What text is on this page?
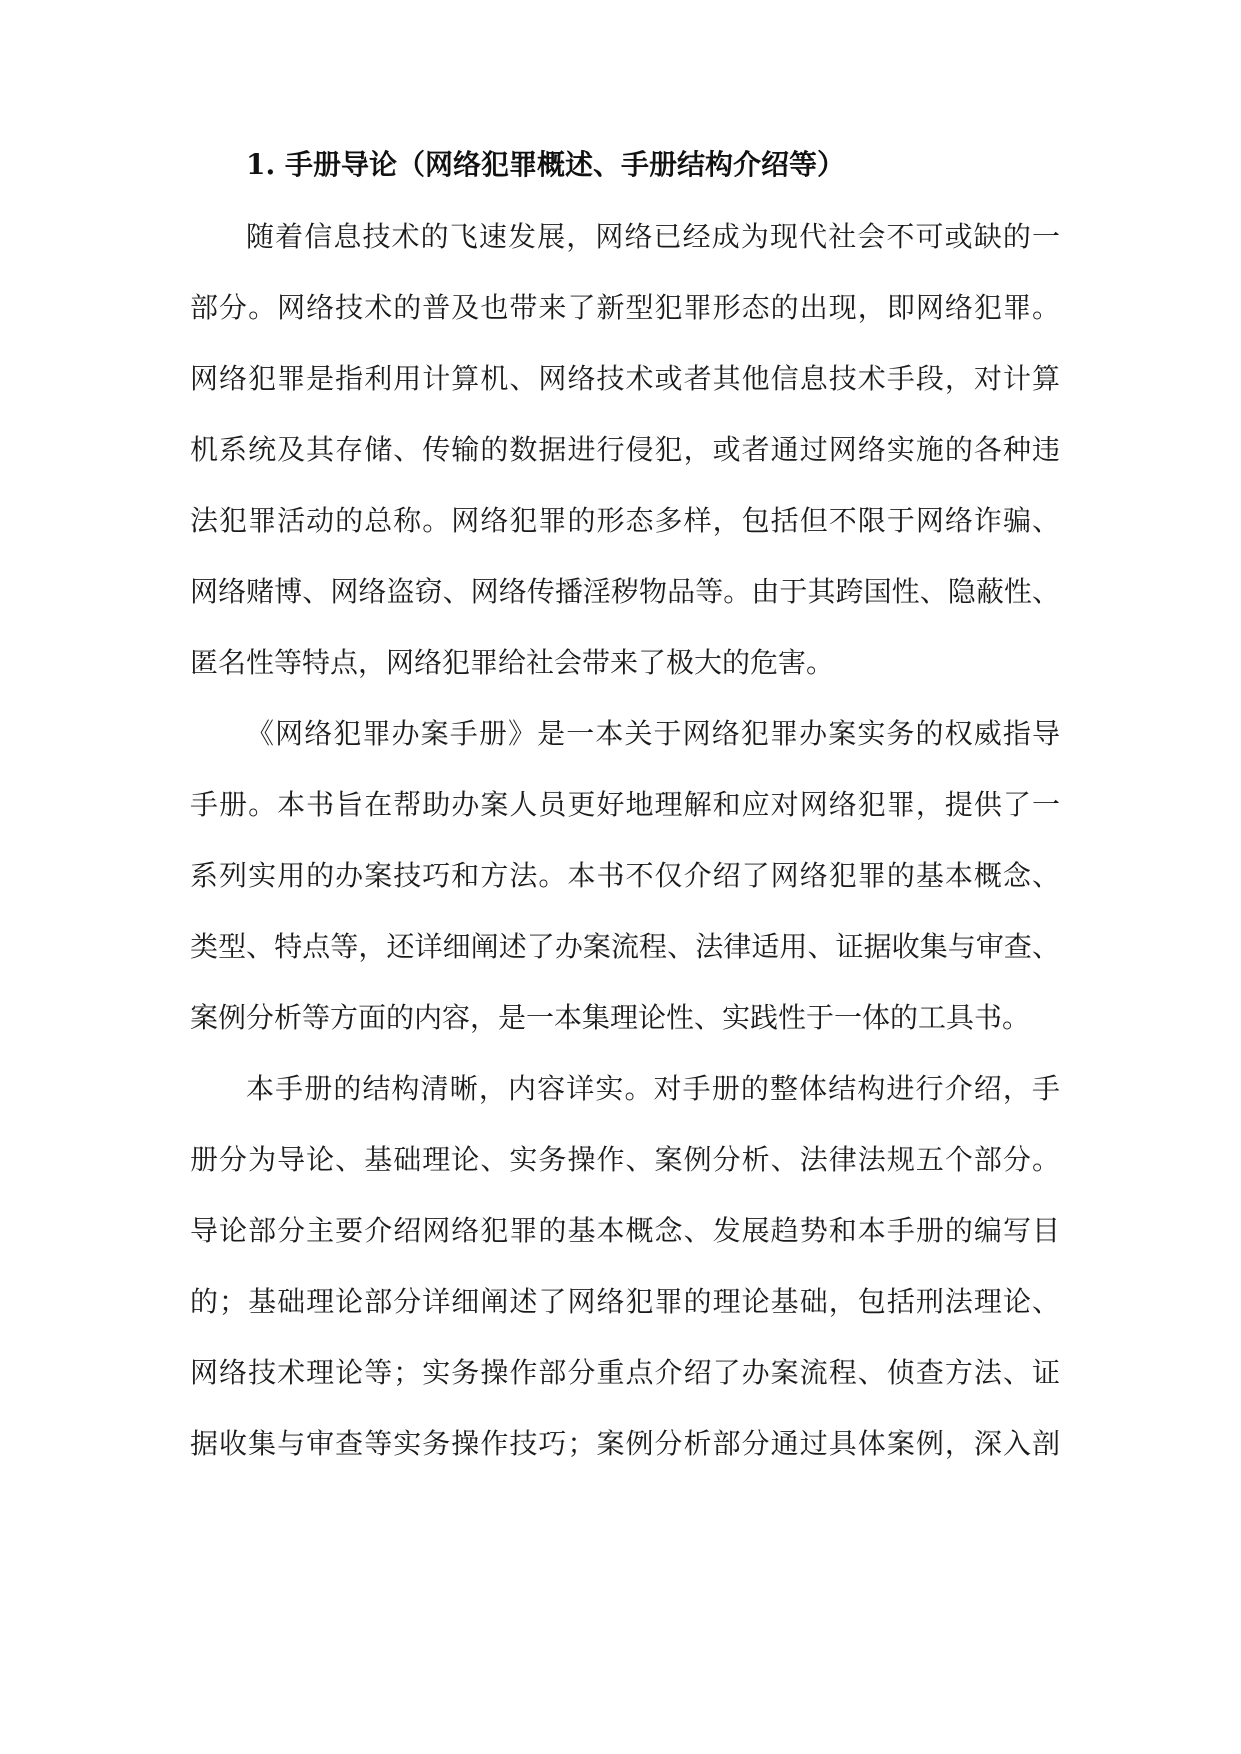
1. 手册导论（网络犯罪概述、手册结构介绍等）
随着信息技术的飞速发展，网络已经成为现代社会不可或缺的一
部分。网络技术的普及也带来了新型犯罪形态的出现，即网络犯罪。
网络犯罪是指利用计算机、网络技术或者其他信息技术手段，对计算
机系统及其存储、传输的数据进行侵犯，或者通过网络实施的各种违
法犯罪活动的总称。网络犯罪的形态多样，包括但不限于网络诈骗、
网络赌博、网络盗窃、网络传播淫秽物品等。由于其跨国性、隐蔽性、
匿名性等特点，网络犯罪给社会带来了极大的危害。
《网络犯罪办案手册》是一本关于网络犯罪办案实务的权威指导
手册。本书旨在帮助办案人员更好地理解和应对网络犯罪，提供了一
系列实用的办案技巧和方法。本书不仅介绍了网络犯罪的基本概念、
类型、特点等，还详细阐述了办案流程、法律适用、证据收集与审查、
案例分析等方面的内容，是一本集理论性、实践性于一体的工具书。
本手册的结构清晰，内容详实。对手册的整体结构进行介绍，手
册分为导论、基础理论、实务操作、案例分析、法律法规五个部分。
导论部分主要介绍网络犯罪的基本概念、发展趋势和本手册的编写目
的；基础理论部分详细阐述了网络犯罪的理论基础，包括刑法理论、
网络技术理论等；实务操作部分重点介绍了办案流程、侦查方法、证
据收集与审查等实务操作技巧；案例分析部分通过具体案例，深入剖
